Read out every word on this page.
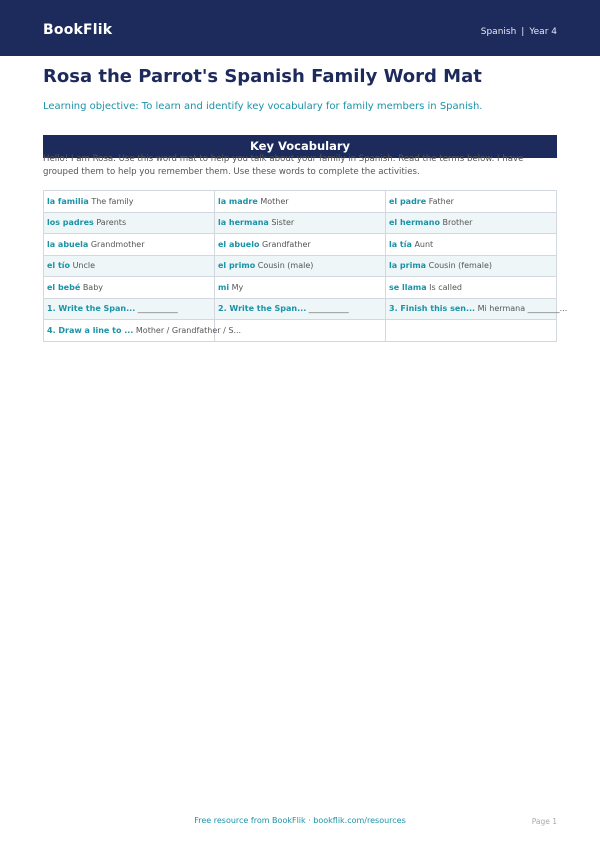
BookFlik	Spanish | Year 4
Rosa the Parrot's Spanish Family Word Mat
Learning objective: To learn and identify key vocabulary for family members in Spanish.
Key Vocabulary
Hello! I am Rosa. Use this word mat to help you talk about your family in Spanish. Read the terms below. I have grouped them to help you remember them. Use these words to complete the activities.
la familia The family	la madre Mother	el padre Father
los padres Parents	la hermana Sister	el hermano Brother
la abuela Grandmother	el abuelo Grandfather	la tía Aunt
el tío Uncle	el primo Cousin (male)	la prima Cousin (female)
el bebé Baby	mi My	se llama Is called
1. Write the Span... __________	2. Write the Span... __________	3. Finish this sen... Mi hermana ________...
4. Draw a line to ... Mother / Grandfather / S...		
Free resource from BookFlik · bookflik.com/resources	Page 1
